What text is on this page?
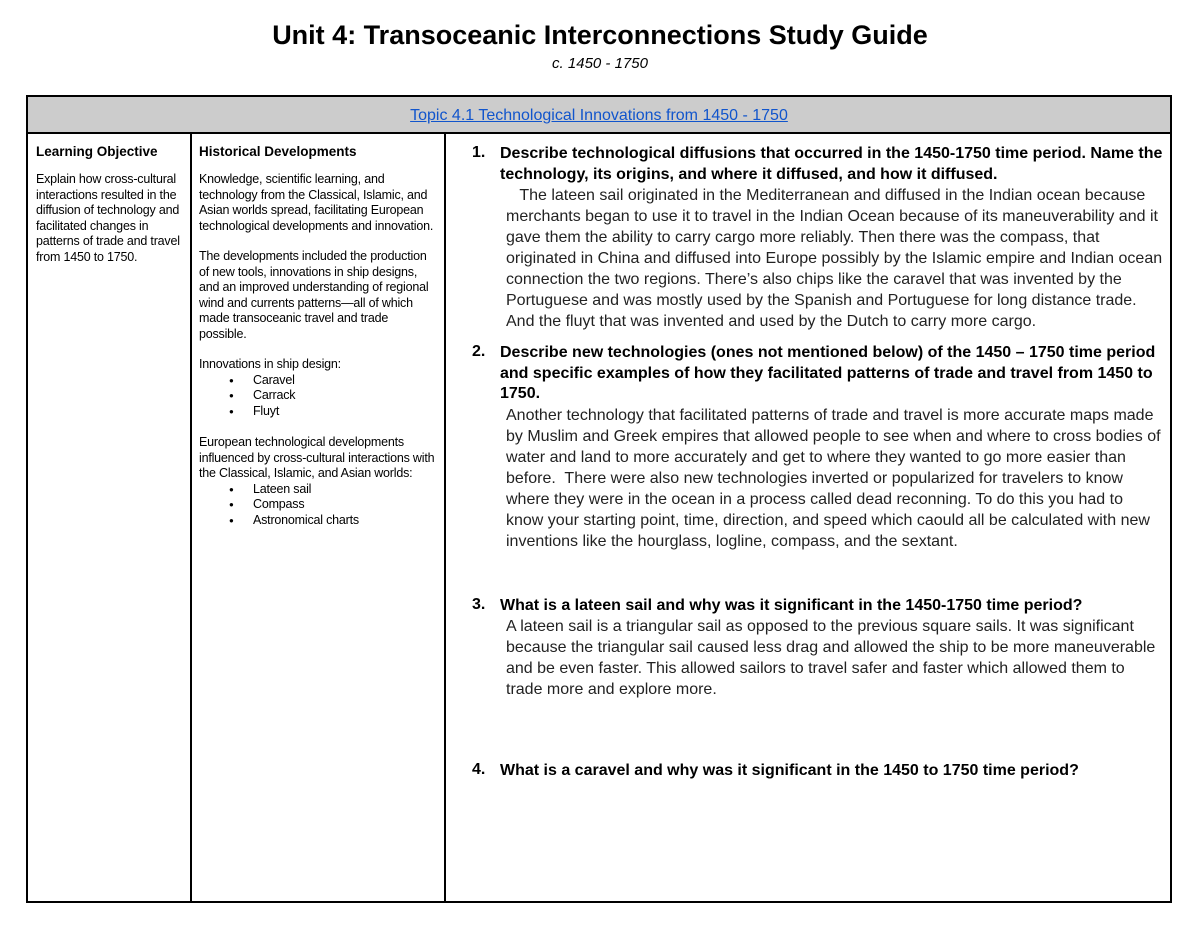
Unit 4: Transoceanic Interconnections Study Guide
c. 1450 - 1750
Topic 4.1 Technological Innovations from 1450 - 1750
Learning Objective

Explain how cross-cultural interactions resulted in the diffusion of technology and facilitated changes in patterns of trade and travel from 1450 to 1750.

Historical Developments

Knowledge, scientific learning, and technology from the Classical, Islamic, and Asian worlds spread, facilitating European technological developments and innovation.

The developments included the production of new tools, innovations in ship designs, and an improved understanding of regional wind and currents patterns—all of which made transoceanic travel and trade possible.

Innovations in ship design:
● Caravel
● Carrack
● Fluyt
European technological developments influenced by cross-cultural interactions with the Classical, Islamic, and Asian worlds:
● Lateen sail
● Compass
● Astronomical charts
1. Describe technological diffusions that occurred in the 1450-1750 time period. Name the technology, its origins, and where it diffused, and how it diffused.
The lateen sail originated in the Mediterranean and diffused in the Indian ocean because merchants began to use it to travel in the Indian Ocean because of its maneuverability and it gave them the ability to carry cargo more reliably. Then there was the compass, that originated in China and diffused into Europe possibly by the Islamic empire and Indian ocean connection the two regions. There’s also chips like the caravel that was invented by the Portuguese and was mostly used by the Spanish and Portuguese for long distance trade. And the fluyt that was invented and used by the Dutch to carry more cargo.
2. Describe new technologies (ones not mentioned below) of the 1450 – 1750 time period and specific examples of how they facilitated patterns of trade and travel from 1450 to 1750.
Another technology that facilitated patterns of trade and travel is more accurate maps made by Muslim and Greek empires that allowed people to see when and where to cross bodies of water and land to more accurately and get to where they wanted to go more easier than before.  There were also new technologies inverted or popularized for travelers to know where they were in the ocean in a process called dead reconning. To do this you had to know your starting point, time, direction, and speed which caould all be calculated with new inventions like the hourglass, logline, compass, and the sextant.
3. What is a lateen sail and why was it significant in the 1450-1750 time period?
A lateen sail is a triangular sail as opposed to the previous square sails. It was significant because the triangular sail caused less drag and allowed the ship to be more maneuverable and be even faster. This allowed sailors to travel safer and faster which allowed them to trade more and explore more.
4. What is a caravel and why was it significant in the 1450 to 1750 time period?
